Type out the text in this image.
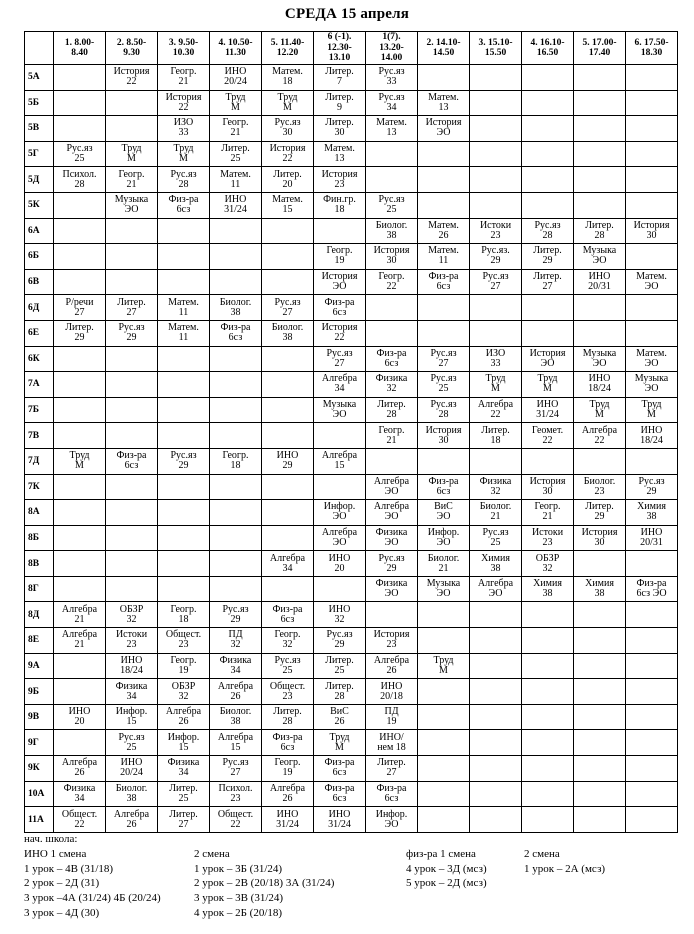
СРЕДА 15 апреля

	1. 8.00-
8.40	2. 8.50-
9.30	3. 9.50-
10.30	4. 10.50-
11.30	5. 11.40-
12.20	6 (-1).
12.30-
13.10	1(7).
13.20-
14.00	2. 14.10-
14.50	3. 15.10-
15.50	4. 16.10-
16.50	5. 17.00-
17.40	6. 17.50-
18.30

5А		История
22	Геогр.
21	ИНО
20/24	Матем.
18	Литер.
7	Рус.яз
33					

5Б			История
22	Труд
М	Труд
М	Литер.
9	Рус.яз
34	Матем.
13				

5В			ИЗО
33	Геогр.
21	Рус.яз
30	Литер.
30	Матем.
13	История
ЭО				

5Г	Рус.яз
25	Труд
М	Труд
М	Литер.
25	История
22	Матем.
13						

5Д	Психол.
28	Геогр.
21	Рус.яз
28	Матем.
11	Литер.
20	История
23						

5К		Музыка
ЭО	Физ-ра
6сз	ИНО
31/24	Матем.
15	Фин.гр.
18	Рус.яз
25					

6А							Биолог.
38	Матем.
26	Истоки
23	Рус.яз
28	Литер.
28	История
30

6Б						Геогр.
19	История
30	Матем.
11	Рус.яз.
29	Литер.
29	Музыка
ЭО	

6В						История
ЭО	Геогр.
22	Физ-ра
6сз	Рус.яз
27	Литер.
27	ИНО
20/31	Матем.
ЭО

6Д	Р/речи
27	Литер.
27	Матем.
11	Биолог.
38	Рус.яз
27	Физ-ра
6сз						

6Е	Литер.
29	Рус.яз
29	Матем.
11	Физ-ра
6сз	Биолог.
38	История
22						

6К						Рус.яз
27	Физ-ра
6сз	Рус.яз
27	ИЗО
33	История
ЭО	Музыка
ЭО	Матем.
ЭО

7А						Алгебра
34	Физика
32	Рус.яз
25	Труд
М	Труд
М	ИНО
18/24	Музыка
ЭО

7Б						Музыка
ЭО	Литер.
28	Рус.яз
28	Алгебра
22	ИНО
31/24	Труд
М	Труд
М

7В							Геогр.
21	История
30	Литер.
18	Геомет.
22	Алгебра
22	ИНО
18/24

7Д	Труд
М	Физ-ра
6сз	Рус.яз
29	Геогр.
18	ИНО
29	Алгебра
15						

7К							Алгебра
ЭО	Физ-ра
6сз	Физика
32	История
30	Биолог.
23	Рус.яз
29

8А						Инфор.
ЭО	Алгебра
ЭО	ВиС
ЭО	Биолог.
21	Геогр.
21	Литер.
29	Химия
38

8Б						Алгебра
ЭО	Физика
ЭО	Инфор.
ЭО	Рус.яз
25	Истоки
23	История
30	ИНО
20/31

8В					Алгебра
34	ИНО
20	Рус.яз
29	Биолог.
21	Химия
38	ОБЗР
32		

8Г							Физика
ЭО	Музыка
ЭО	Алгебра
ЭО	Химия
38	Химия
38	Физ-ра
6сз ЭО

8Д	Алгебра
21	ОБЗР
32	Геогр.
18	Рус.яз
29	Физ-ра
6сз	ИНО
32						

8Е	Алгебра
21	Истоки
23	Общест.
23	ПД
32	Геогр.
32	Рус.яз
29	История
23					

9А		ИНО
18/24	Геогр.
19	Физика
34	Рус.яз
25	Литер.
25	Алгебра
26	Труд
М				

9Б		Физика
34	ОБЗР
32	Алгебра
26	Общест.
23	Литер.
28	ИНО
20/18					

9В	ИНО
20	Инфор.
15	Алгебра
26	Биолог.
38	Литер.
28	ВиС
26	ПД
19					

9Г		Рус.яз
25	Инфор.
15	Алгебра
15	Физ-ра
6сз	Труд
М	ИНО/
нем 18					

9К	Алгебра
26	ИНО
20/24	Физика
34	Рус.яз
27	Геогр.
19	Физ-ра
6сз	Литер.
27					

10А	Физика
34	Биолог.
38	Литер.
25	Психол.
23	Алгебра
26	Физ-ра
6сз	Физ-ра
6сз					

11А	Общест.
22	Алгебра
26	Литер.
27	Общест.
22	ИНО
31/24	ИНО
31/24	Инфор.
ЭО					

нач. школа:
ИНО 1 смена
1 урок – 4В (31/18)
2 урок – 2Д (31)
3 урок –4А (31/24) 4Б (20/24)
3 урок – 4Д (30)

2 смена
1 урок – 3Б (31/24)
2 урок – 2В (20/18) 3А (31/24)
3 урок – 3В (31/24)
4 урок – 2Б (20/18)

физ-ра 1 смена
4 урок – 3Д (мсз)
5 урок – 2Д (мсз)

2 смена
1 урок – 2А (мсз)
